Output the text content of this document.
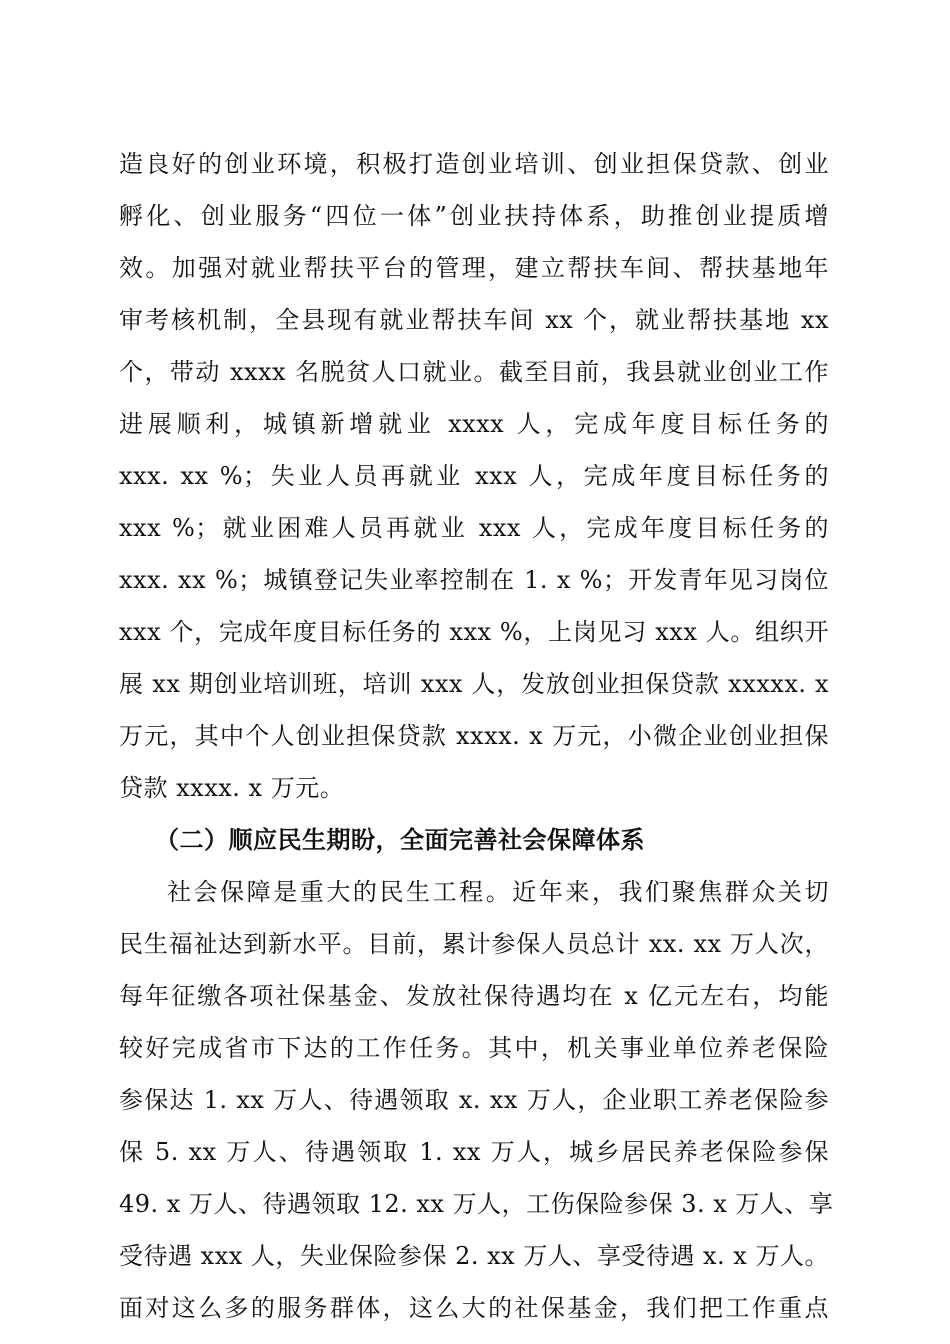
造良好的创业环境，积极打造创业培训、创业担保贷款、创业
孵化、创业服务“四位一体”创业扶持体系，助推创业提质增
效。加强对就业帮扶平台的管理，建立帮扶车间、帮扶基地年
审考核机制，全县现有就业帮扶车间 xx 个，就业帮扶基地 xx
个，带动 xxxx 名脱贫人口就业。截至目前，我县就业创业工作
进展顺利，城镇新增就业 xxxx 人，完成年度目标任务的
xxx. xx %；失业人员再就业 xxx 人，完成年度目标任务的
xxx %；就业困难人员再就业 xxx 人，完成年度目标任务的
xxx. xx %；城镇登记失业率控制在 1. x %；开发青年见习岗位
xxx 个，完成年度目标任务的 xxx %，上岗见习 xxx 人。组织开
展 xx 期创业培训班，培训 xxx 人，发放创业担保贷款 xxxxx. x
万元，其中个人创业担保贷款 xxxx. x 万元，小微企业创业担保
贷款 xxxx. x 万元。
（二）顺应民生期盼，全面完善社会保障体系
社会保障是重大的民生工程。近年来，我们聚焦群众关切
民生福祉达到新水平。目前，累计参保人员总计 xx. xx 万人次，
每年征缴各项社保基金、发放社保待遇均在 x 亿元左右，均能
较好完成省市下达的工作任务。其中，机关事业单位养老保险
参保达 1. xx 万人、待遇领取 x. xx 万人，企业职工养老保险参
保 5. xx 万人、待遇领取 1. xx 万人，城乡居民养老保险参保
49. x 万人、待遇领取 12. xx 万人，工伤保险参保 3. x 万人、享
受待遇 xxx 人，失业保险参保 2. xx 万人、享受待遇 x. x 万人。
面对这么多的服务群体，这么大的社保基金，我们把工作重点
